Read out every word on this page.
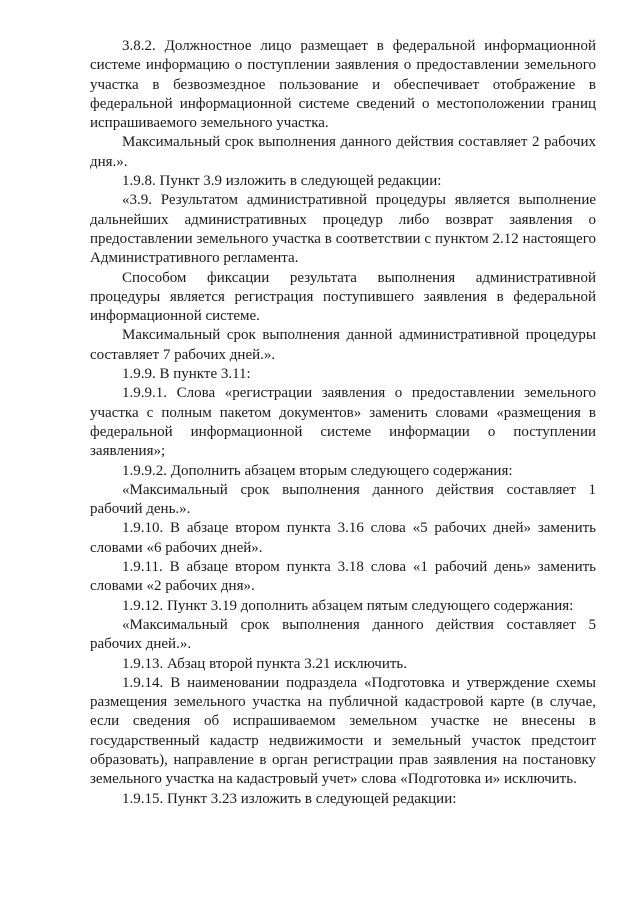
3.8.2. Должностное лицо размещает в федеральной информационной системе информацию о поступлении заявления о предоставлении земельного участка в безвозмездное пользование и обеспечивает отображение в федеральной информационной системе сведений о местоположении границ испрашиваемого земельного участка.

Максимальный срок выполнения данного действия составляет 2 рабочих дня.».

1.9.8. Пункт 3.9 изложить в следующей редакции:

«3.9. Результатом административной процедуры является выполнение дальнейших административных процедур либо возврат заявления о предоставлении земельного участка в соответствии с пунктом 2.12 настоящего Административного регламента.

Способом фиксации результата выполнения административной процедуры является регистрация поступившего заявления в федеральной информационной системе.

Максимальный срок выполнения данной административной процедуры составляет 7 рабочих дней.».

1.9.9. В пункте 3.11:

1.9.9.1. Слова «регистрации заявления о предоставлении земельного участка с полным пакетом документов» заменить словами «размещения в федеральной информационной системе информации о поступлении заявления»;

1.9.9.2. Дополнить абзацем вторым следующего содержания:

«Максимальный срок выполнения данного действия составляет 1 рабочий день.».

1.9.10. В абзаце втором пункта 3.16 слова «5 рабочих дней» заменить словами «6 рабочих дней».

1.9.11. В абзаце втором пункта 3.18 слова «1 рабочий день» заменить словами «2 рабочих дня».

1.9.12. Пункт 3.19 дополнить абзацем пятым следующего содержания:

«Максимальный срок выполнения данного действия составляет 5 рабочих дней.».

1.9.13. Абзац второй пункта 3.21 исключить.

1.9.14. В наименовании подраздела «Подготовка и утверждение схемы размещения земельного участка на публичной кадастровой карте (в случае, если сведения об испрашиваемом земельном участке не внесены в государственный кадастр недвижимости и земельный участок предстоит образовать), направление в орган регистрации прав заявления на постановку земельного участка на кадастровый учет» слова «Подготовка и» исключить.

1.9.15. Пункт 3.23 изложить в следующей редакции:
